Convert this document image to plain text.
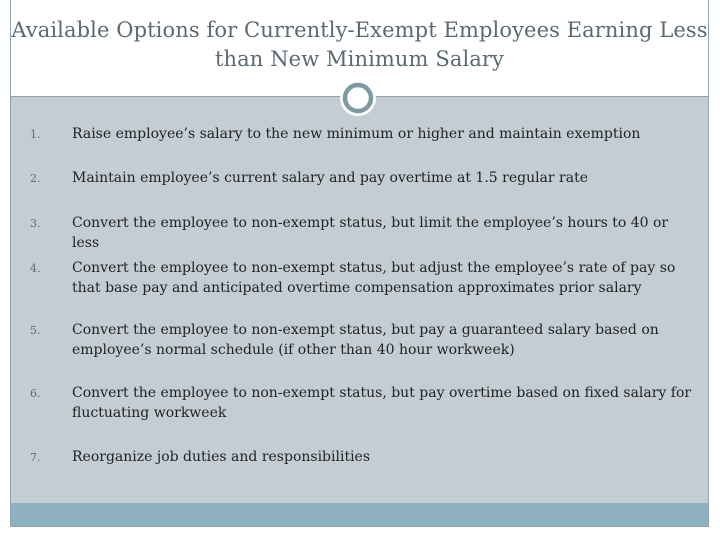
Available Options for Currently-Exempt Employees Earning Less than New Minimum Salary
1. Raise employee’s salary to the new minimum or higher and maintain exemption
2. Maintain employee’s current salary and pay overtime at 1.5 regular rate
3. Convert the employee to non-exempt status, but limit the employee’s hours to 40 or less
4. Convert the employee to non-exempt status, but adjust the employee’s rate of pay so that base pay and anticipated overtime compensation approximates prior salary
5. Convert the employee to non-exempt status, but pay a guaranteed salary based on employee’s normal schedule (if other than 40 hour workweek)
6. Convert the employee to non-exempt status, but pay overtime based on fixed salary for fluctuating workweek
7. Reorganize job duties and responsibilities
